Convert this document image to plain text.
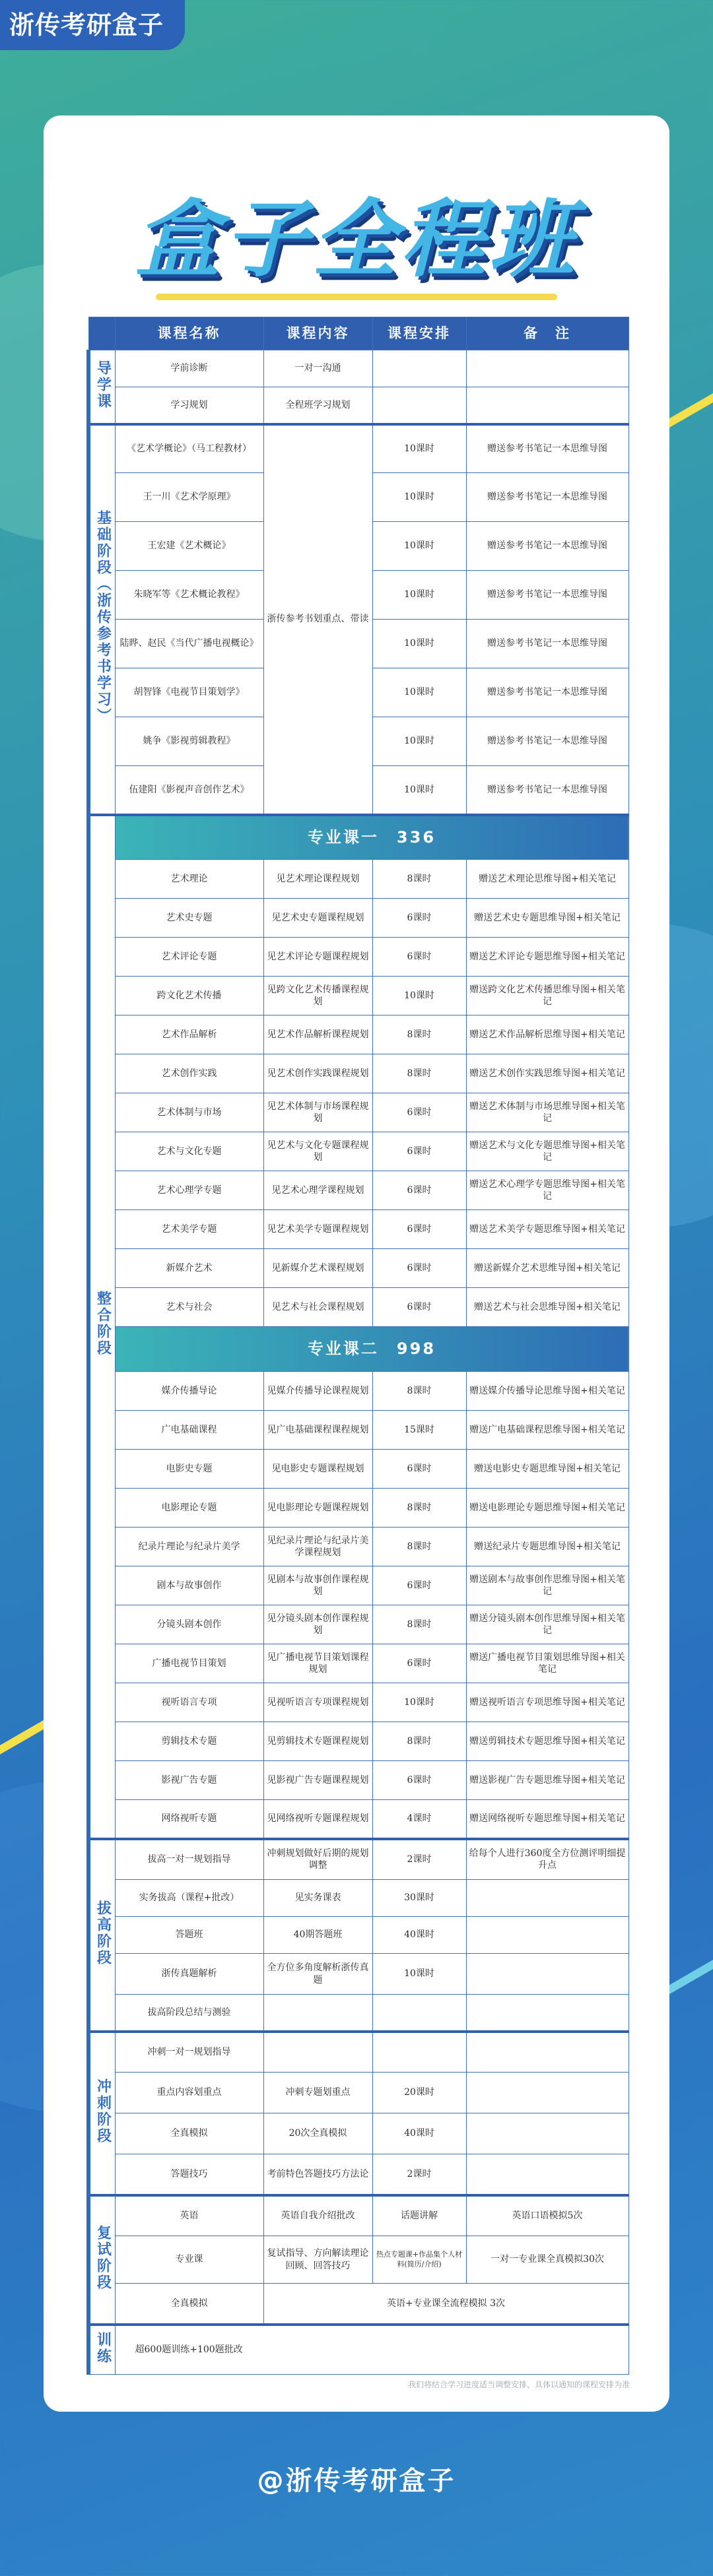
浙传考研盒子
盒子全程班
	课程名称	课程内容	课程安排	备　注
导学课	学前诊断	一对一沟通		
	学习规划	全程班学习规划		
基础阶段（浙传参考书学习）	《艺术学概论》（马工程教材）	浙传参考书划重点、带读	10课时	赠送参考书笔记一本思维导图
	王一川《艺术学原理》		10课时	赠送参考书笔记一本思维导图
	王宏建《艺术概论》		10课时	赠送参考书笔记一本思维导图
	朱晓军等《艺术概论教程》		10课时	赠送参考书笔记一本思维导图
	陆晔、赵民《当代广播电视概论》		10课时	赠送参考书笔记一本思维导图
	胡智锋《电视节目策划学》		10课时	赠送参考书笔记一本思维导图
	姚争《影视剪辑教程》		10课时	赠送参考书笔记一本思维导图
	伍建阳《影视声音创作艺术》		10课时	赠送参考书笔记一本思维导图
整合阶段	专业课一　336			
	艺术理论	见艺术理论课程规划	8课时	赠送艺术理论思维导图+相关笔记
	艺术史专题	见艺术史专题课程规划	6课时	赠送艺术史专题思维导图+相关笔记
	艺术评论专题	见艺术评论专题课程规划	6课时	赠送艺术评论专题思维导图+相关笔记
	跨文化艺术传播	见跨文化艺术传播课程规划	10课时	赠送跨文化艺术传播思维导图+相关笔记
	艺术作品解析	见艺术作品解析课程规划	8课时	赠送艺术作品解析思维导图+相关笔记
	艺术创作实践	见艺术创作实践课程规划	8课时	赠送艺术创作实践思维导图+相关笔记
	艺术体制与市场	见艺术体制与市场课程规划	6课时	赠送艺术体制与市场思维导图+相关笔记
	艺术与文化专题	见艺术与文化专题课程规划	6课时	赠送艺术与文化专题思维导图+相关笔记
	艺术心理学专题	见艺术心理学课程规划	6课时	赠送艺术心理学专题思维导图+相关笔记
	艺术美学专题	见艺术美学专题课程规划	6课时	赠送艺术美学专题思维导图+相关笔记
	新媒介艺术	见新媒介艺术课程规划	6课时	赠送新媒介艺术思维导图+相关笔记
	艺术与社会	见艺术与社会课程规划	6课时	赠送艺术与社会思维导图+相关笔记
	专业课二　998			
	媒介传播导论	见媒介传播导论课程规划	8课时	赠送媒介传播导论思维导图+相关笔记
	广电基础课程	见广电基础课程课程规划	15课时	赠送广电基础课程思维导图+相关笔记
	电影史专题	见电影史专题课程规划	6课时	赠送电影史专题思维导图+相关笔记
	电影理论专题	见电影理论专题课程规划	8课时	赠送电影理论专题思维导图+相关笔记
	纪录片理论与纪录片美学	见纪录片理论与纪录片美学课程规划	8课时	赠送纪录片专题思维导图+相关笔记
	剧本与故事创作	见剧本与故事创作课程规划	6课时	赠送剧本与故事创作思维导图+相关笔记
	分镜头剧本创作	见分镜头剧本创作课程规划	8课时	赠送分镜头剧本创作思维导图+相关笔记
	广播电视节目策划	见广播电视节目策划课程规划	6课时	赠送广播电视节目策划思维导图+相关笔记
	视听语言专项	见视听语言专项课程规划	10课时	赠送视听语言专项思维导图+相关笔记
	剪辑技术专题	见剪辑技术专题课程规划	8课时	赠送剪辑技术专题思维导图+相关笔记
	影视广告专题	见影视广告专题课程规划	6课时	赠送影视广告专题思维导图+相关笔记
	网络视听专题	见网络视听专题课程规划	4课时	赠送网络视听专题思维导图+相关笔记
拔高阶段	拔高一对一规划指导	冲刺规划做好后期的规划调整	2课时	给每个人进行360度全方位测评明细提升点
	实务拔高（课程+批改）	见实务课表	30课时	
	答题班	40期答题班	40课时	
	浙传真题解析	全方位多角度解析浙传真题	10课时	
	拔高阶段总结与测验			
冲刺阶段	冲刺一对一规划指导			
	重点内容划重点	冲刺专题划重点	20课时	
	全真模拟	20次全真模拟	40课时	
	答题技巧	考前特色答题技巧方法论	2课时	
复试阶段	英语	英语自我介绍批改	话题讲解	英语口语模拟5次
	专业课	复试指导、方向解读理论回顾、回答技巧	热点专题课+作品集个人材料(简历/介绍)	一对一专业课全真模拟30次
	全真模拟	英语+专业课全流程模拟 3次		
训练	超600题训练+100题批改			
我们将结合学习进度适当调整安排，具体以通知的课程安排为准
@浙传考研盒子
